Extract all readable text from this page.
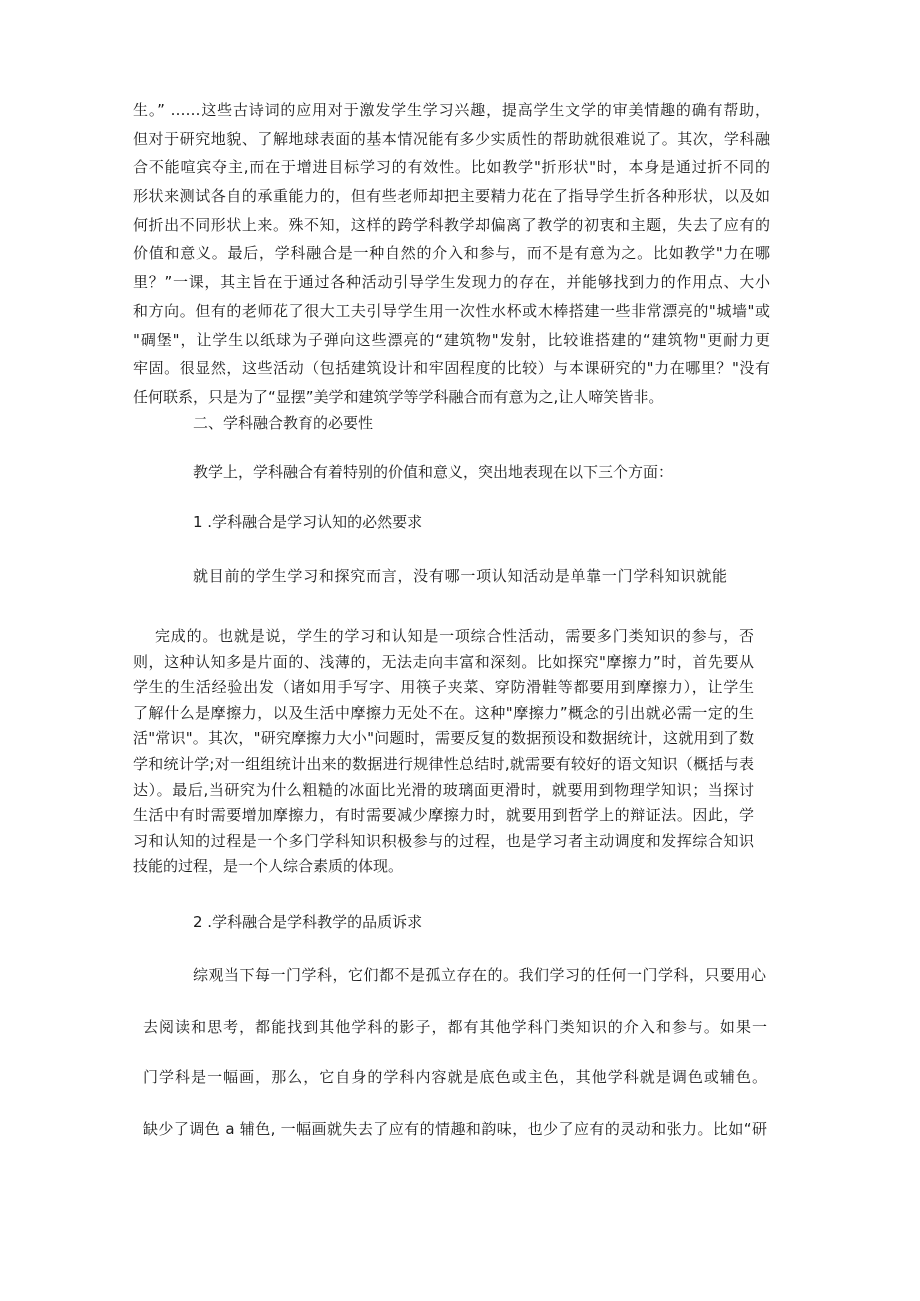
生。” ……这些古诗词的应用对于激发学生学习兴趣，提高学生文学的审美情趣的确有帮助，
但对于研究地貌、了解地球表面的基本情况能有多少实质性的帮助就很难说了。其次，学科融
合不能喧宾夺主,而在于增进目标学习的有效性。比如教学"折形状"时，本身是通过折不同的
形状来测试各自的承重能力的，但有些老师却把主要精力花在了指导学生折各种形状，以及如
何折出不同形状上来。殊不知，这样的跨学科教学却偏离了教学的初衷和主题，失去了应有的
价值和意义。最后，学科融合是一种自然的介入和参与，而不是有意为之。比如教学"力在哪
里？”一课，其主旨在于通过各种活动引导学生发现力的存在，并能够找到力的作用点、大小
和方向。但有的老师花了很大工夫引导学生用一次性水杯或木棒搭建一些非常漂亮的"城墙"或
"碉堡"，让学生以纸球为子弹向这些漂亮的“建筑物"发射，比较谁搭建的“建筑物"更耐力更
牢固。很显然，这些活动（包括建筑设计和牢固程度的比较）与本课研究的"力在哪里？"没有
任何联系，只是为了“显摆”美学和建筑学等学科融合而有意为之,让人啼笑皆非。
二、学科融合教育的必要性
教学上，学科融合有着特别的价值和意义，突出地表现在以下三个方面：
1 .学科融合是学习认知的必然要求
就目前的学生学习和探究而言，没有哪一项认知活动是单靠一门学科知识就能
完成的。也就是说，学生的学习和认知是一项综合性活动，需要多门类知识的参与，否
则，这种认知多是片面的、浅薄的，无法走向丰富和深刻。比如探究"摩擦力”时，首先要从
学生的生活经验出发（诸如用手写字、用筷子夹菜、穿防滑鞋等都要用到摩擦力），让学生
了解什么是摩擦力，以及生活中摩擦力无处不在。这种"摩擦力”概念的引出就必需一定的生
活"常识"。其次，"研究摩擦力大小"问题时，需要反复的数据预设和数据统计，这就用到了数
学和统计学;对一组组统计出来的数据进行规律性总结时,就需要有较好的语文知识（概括与表
达）。最后,当研究为什么粗糙的冰面比光滑的玻璃面更滑时，就要用到物理学知识；当探讨
生活中有时需要增加摩擦力，有时需要减少摩擦力时，就要用到哲学上的辩证法。因此，学
习和认知的过程是一个多门学科知识积极参与的过程，也是学习者主动调度和发挥综合知识
技能的过程，是一个人综合素质的体现。
2 .学科融合是学科教学的品质诉求
综观当下每一门学科，它们都不是孤立存在的。我们学习的任何一门学科，只要用心
去阅读和思考，都能找到其他学科的影子，都有其他学科门类知识的介入和参与。如果一
门学科是一幅画，那么，它自身的学科内容就是底色或主色，其他学科就是调色或辅色。
缺少了调色 a 辅色, 一幅画就失去了应有的情趣和韵味，也少了应有的灵动和张力。比如“研
